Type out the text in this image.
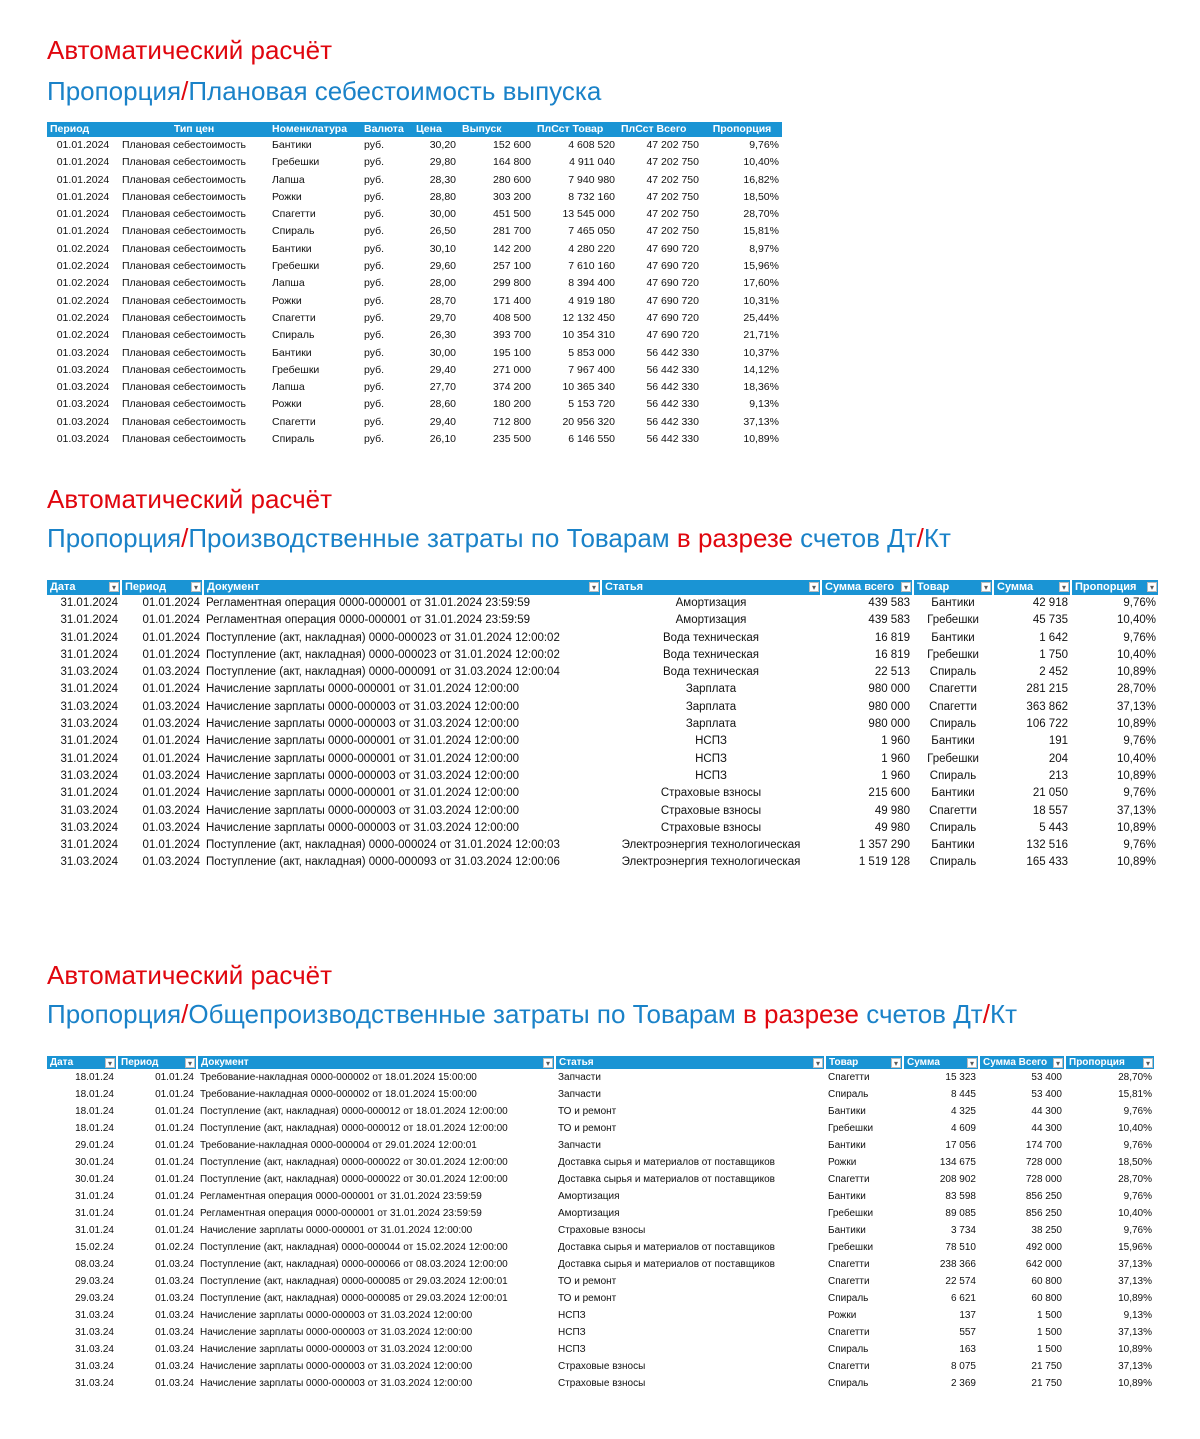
Автоматический расчёт
Пропорция/Плановая себестоимость выпуска
Период	Тип цен	Номенклатура	Валюта	Цена	Выпуск	ПлСст Товар	ПлСст Всего	Пропорция
01.01.2024	Плановая себестоимость	Бантики	руб.	30,20	152 600	4 608 520	47 202 750	9,76%
01.01.2024	Плановая себестоимость	Гребешки	руб.	29,80	164 800	4 911 040	47 202 750	10,40%
01.01.2024	Плановая себестоимость	Лапша	руб.	28,30	280 600	7 940 980	47 202 750	16,82%
01.01.2024	Плановая себестоимость	Рожки	руб.	28,80	303 200	8 732 160	47 202 750	18,50%
01.01.2024	Плановая себестоимость	Спагетти	руб.	30,00	451 500	13 545 000	47 202 750	28,70%
01.01.2024	Плановая себестоимость	Спираль	руб.	26,50	281 700	7 465 050	47 202 750	15,81%
01.02.2024	Плановая себестоимость	Бантики	руб.	30,10	142 200	4 280 220	47 690 720	8,97%
01.02.2024	Плановая себестоимость	Гребешки	руб.	29,60	257 100	7 610 160	47 690 720	15,96%
01.02.2024	Плановая себестоимость	Лапша	руб.	28,00	299 800	8 394 400	47 690 720	17,60%
01.02.2024	Плановая себестоимость	Рожки	руб.	28,70	171 400	4 919 180	47 690 720	10,31%
01.02.2024	Плановая себестоимость	Спагетти	руб.	29,70	408 500	12 132 450	47 690 720	25,44%
01.02.2024	Плановая себестоимость	Спираль	руб.	26,30	393 700	10 354 310	47 690 720	21,71%
01.03.2024	Плановая себестоимость	Бантики	руб.	30,00	195 100	5 853 000	56 442 330	10,37%
01.03.2024	Плановая себестоимость	Гребешки	руб.	29,40	271 000	7 967 400	56 442 330	14,12%
01.03.2024	Плановая себестоимость	Лапша	руб.	27,70	374 200	10 365 340	56 442 330	18,36%
01.03.2024	Плановая себестоимость	Рожки	руб.	28,60	180 200	5 153 720	56 442 330	9,13%
01.03.2024	Плановая себестоимость	Спагетти	руб.	29,40	712 800	20 956 320	56 442 330	37,13%
01.03.2024	Плановая себестоимость	Спираль	руб.	26,10	235 500	6 146 550	56 442 330	10,89%
Автоматический расчёт
Пропорция/Производственные затраты по Товарам в разрезе счетов Дт/Кт
Дата ▾	Период ▾	Документ ▾	Статья ▾	Сумма всего ▾	Товар ▾	Сумма ▾	Пропорция ▾

31.01.2024	01.01.2024	Регламентная операция 0000-000001 от 31.01.2024 23:59:59	Амортизация	439 583	Бантики	42 918	9,76%
31.01.2024	01.01.2024	Регламентная операция 0000-000001 от 31.01.2024 23:59:59	Амортизация	439 583	Гребешки	45 735	10,40%
31.01.2024	01.01.2024	Поступление (акт, накладная) 0000-000023 от 31.01.2024 12:00:02	Вода техническая	16 819	Бантики	1 642	9,76%
31.01.2024	01.01.2024	Поступление (акт, накладная) 0000-000023 от 31.01.2024 12:00:02	Вода техническая	16 819	Гребешки	1 750	10,40%
31.03.2024	01.03.2024	Поступление (акт, накладная) 0000-000091 от 31.03.2024 12:00:04	Вода техническая	22 513	Спираль	2 452	10,89%
31.01.2024	01.01.2024	Начисление зарплаты 0000-000001 от 31.01.2024 12:00:00	Зарплата	980 000	Спагетти	281 215	28,70%
31.03.2024	01.03.2024	Начисление зарплаты 0000-000003 от 31.03.2024 12:00:00	Зарплата	980 000	Спагетти	363 862	37,13%
31.03.2024	01.03.2024	Начисление зарплаты 0000-000003 от 31.03.2024 12:00:00	Зарплата	980 000	Спираль	106 722	10,89%
31.01.2024	01.01.2024	Начисление зарплаты 0000-000001 от 31.01.2024 12:00:00	НСПЗ	1 960	Бантики	191	9,76%
31.01.2024	01.01.2024	Начисление зарплаты 0000-000001 от 31.01.2024 12:00:00	НСПЗ	1 960	Гребешки	204	10,40%
31.03.2024	01.03.2024	Начисление зарплаты 0000-000003 от 31.03.2024 12:00:00	НСПЗ	1 960	Спираль	213	10,89%
31.01.2024	01.01.2024	Начисление зарплаты 0000-000001 от 31.01.2024 12:00:00	Страховые взносы	215 600	Бантики	21 050	9,76%
31.03.2024	01.03.2024	Начисление зарплаты 0000-000003 от 31.03.2024 12:00:00	Страховые взносы	49 980	Спагетти	18 557	37,13%
31.03.2024	01.03.2024	Начисление зарплаты 0000-000003 от 31.03.2024 12:00:00	Страховые взносы	49 980	Спираль	5 443	10,89%
31.01.2024	01.01.2024	Поступление (акт, накладная) 0000-000024 от 31.01.2024 12:00:03	Электроэнергия технологическая	1 357 290	Бантики	132 516	9,76%
31.03.2024	01.03.2024	Поступление (акт, накладная) 0000-000093 от 31.03.2024 12:00:06	Электроэнергия технологическая	1 519 128	Спираль	165 433	10,89%
Автоматический расчёт
Пропорция/Общепроизводственные затраты по Товарам в разрезе счетов Дт/Кт
Дата ▾	Период ▾	Документ ▾	Статья ▾	Товар ▾	Сумма ▾	Сумма Всего ▾	Пропорция ▾

18.01.24	01.01.24	Требование-накладная 0000-000002 от 18.01.2024 15:00:00	Запчасти	Спагетти	15 323	53 400	28,70%
18.01.24	01.01.24	Требование-накладная 0000-000002 от 18.01.2024 15:00:00	Запчасти	Спираль	8 445	53 400	15,81%
18.01.24	01.01.24	Поступление (акт, накладная) 0000-000012 от 18.01.2024 12:00:00	ТО и ремонт	Бантики	4 325	44 300	9,76%
18.01.24	01.01.24	Поступление (акт, накладная) 0000-000012 от 18.01.2024 12:00:00	ТО и ремонт	Гребешки	4 609	44 300	10,40%
29.01.24	01.01.24	Требование-накладная 0000-000004 от 29.01.2024 12:00:01	Запчасти	Бантики	17 056	174 700	9,76%
30.01.24	01.01.24	Поступление (акт, накладная) 0000-000022 от 30.01.2024 12:00:00	Доставка сырья и материалов от поставщиков	Рожки	134 675	728 000	18,50%
30.01.24	01.01.24	Поступление (акт, накладная) 0000-000022 от 30.01.2024 12:00:00	Доставка сырья и материалов от поставщиков	Спагетти	208 902	728 000	28,70%
31.01.24	01.01.24	Регламентная операция 0000-000001 от 31.01.2024 23:59:59	Амортизация	Бантики	83 598	856 250	9,76%
31.01.24	01.01.24	Регламентная операция 0000-000001 от 31.01.2024 23:59:59	Амортизация	Гребешки	89 085	856 250	10,40%
31.01.24	01.01.24	Начисление зарплаты 0000-000001 от 31.01.2024 12:00:00	Страховые взносы	Бантики	3 734	38 250	9,76%
15.02.24	01.02.24	Поступление (акт, накладная) 0000-000044 от 15.02.2024 12:00:00	Доставка сырья и материалов от поставщиков	Гребешки	78 510	492 000	15,96%
08.03.24	01.03.24	Поступление (акт, накладная) 0000-000066 от 08.03.2024 12:00:00	Доставка сырья и материалов от поставщиков	Спагетти	238 366	642 000	37,13%
29.03.24	01.03.24	Поступление (акт, накладная) 0000-000085 от 29.03.2024 12:00:01	ТО и ремонт	Спагетти	22 574	60 800	37,13%
29.03.24	01.03.24	Поступление (акт, накладная) 0000-000085 от 29.03.2024 12:00:01	ТО и ремонт	Спираль	6 621	60 800	10,89%
31.03.24	01.03.24	Начисление зарплаты 0000-000003 от 31.03.2024 12:00:00	НСПЗ	Рожки	137	1 500	9,13%
31.03.24	01.03.24	Начисление зарплаты 0000-000003 от 31.03.2024 12:00:00	НСПЗ	Спагетти	557	1 500	37,13%
31.03.24	01.03.24	Начисление зарплаты 0000-000003 от 31.03.2024 12:00:00	НСПЗ	Спираль	163	1 500	10,89%
31.03.24	01.03.24	Начисление зарплаты 0000-000003 от 31.03.2024 12:00:00	Страховые взносы	Спагетти	8 075	21 750	37,13%
31.03.24	01.03.24	Начисление зарплаты 0000-000003 от 31.03.2024 12:00:00	Страховые взносы	Спираль	2 369	21 750	10,89%
